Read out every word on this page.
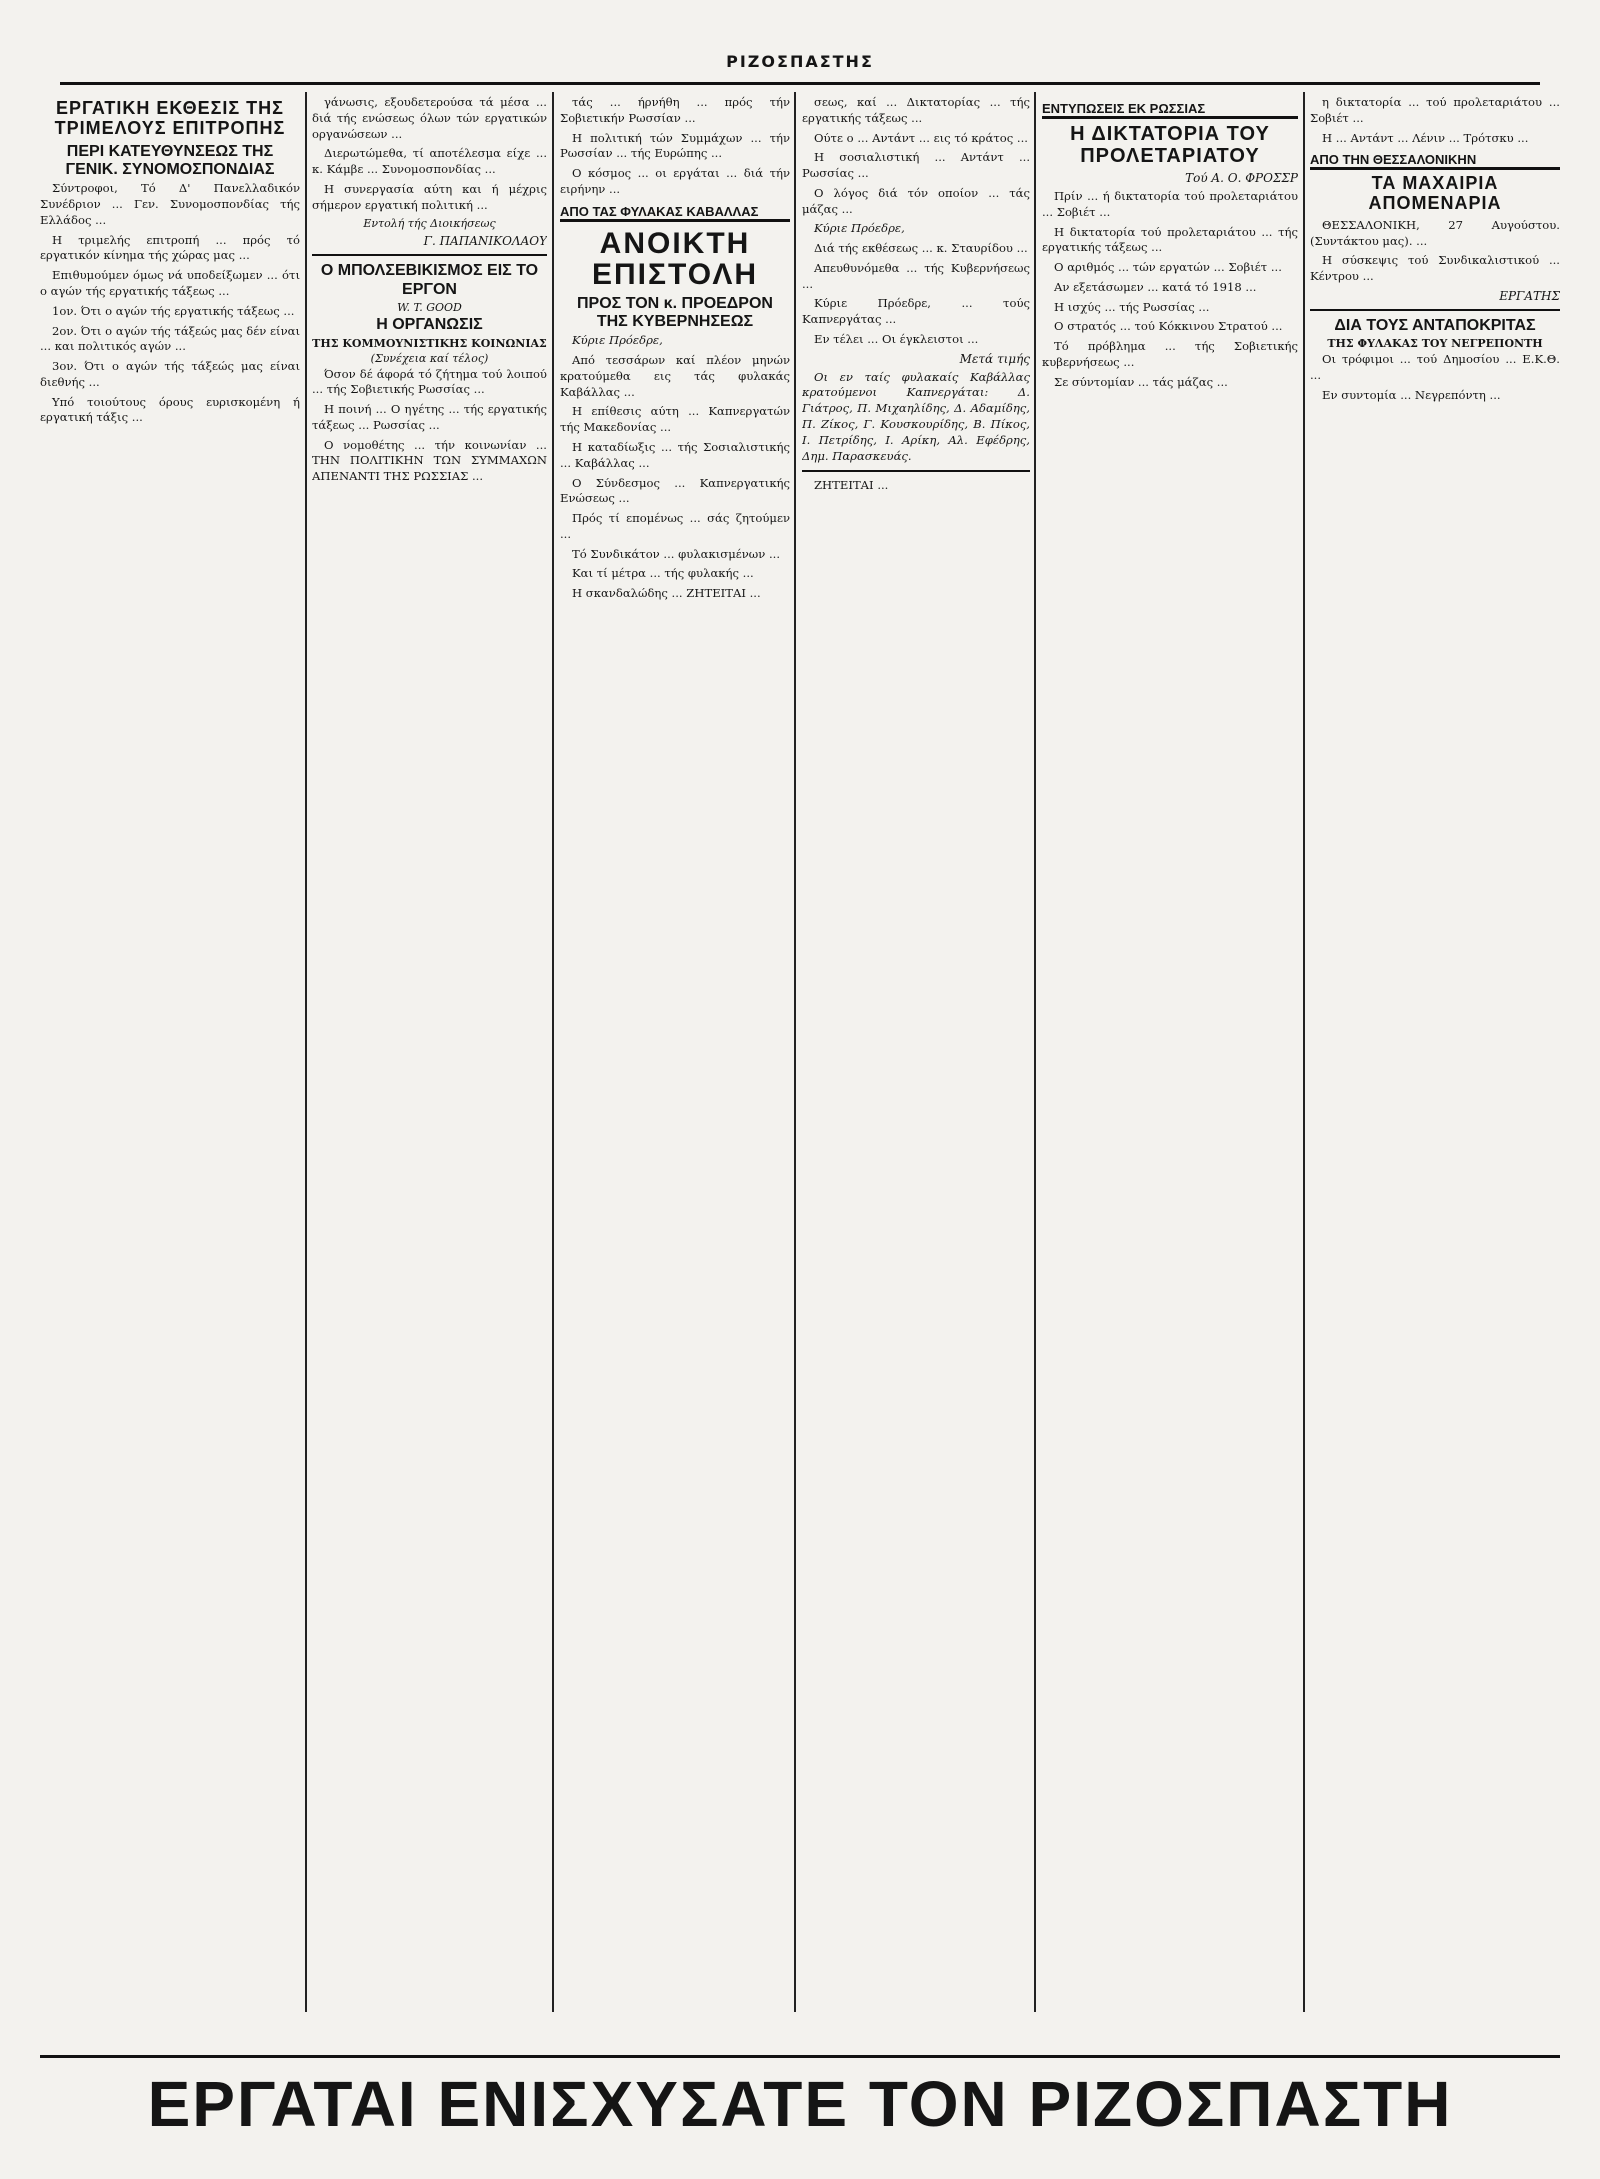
ΡΙΖΟΣΠΑΣΤΗΣ
ΕΡΓΑΤΙΚΗ ΕΚΘΕΣΙΣ ΤΗΣ ΤΡΙΜΕΛΟΥΣ ΕΠΙΤΡΟΠΗΣ
ΠΕΡΙ ΚΑΤΕΥΘΥΝΣΕΩΣ ΤΗΣ ΓΕΝΙΚ. ΣΥΝΟΜΟΣΠΟΝΔΙΑΣ

Σύντροφοι, Τό Δ' Πανελλαδικόν Συνέδριον ... Γεν. Συνομοσπονδίας τής Ελλάδος ...

Η τριμελής επιτροπή ... πρός τό εργατικόν κίνημα τής χώρας μας ...

Επιθυμούμεν όμως νά υποδείξωμεν ... ότι ο αγών τής εργατικής τάξεως ...

1ον. Ότι ο αγών τής εργατικής τάξεως ...

2ον. Ότι ο αγών τής τάξεώς μας δέν είναι ... και πολιτικός αγών ...

3ον. Ότι ο αγών τής τάξεώς μας είναι διεθνής ...

Υπό τοιούτους όρους ευρισκομένη ή εργατική τάξις ...

γάνωσις, εξουδετερούσα τά μέσα ... διά τής ενώσεως όλων τών εργατικών οργανώσεων ...

Διερωτώμεθα, τί αποτέλεσμα είχε ... κ. Κάμβε ... Συνομοσπονδίας ...

Η συνεργασία αύτη και ή μέχρις σήμερον εργατική πολιτική ...

Εντολή τής Διοικήσεως
Γ. ΠΑΠΑΝΙΚΟΛΑΟΥ
Ο ΜΠΟΛΣΕΒΙΚΙΣΜΟΣ ΕΙΣ ΤΟ ΕΡΓΟΝ
W. T. GOOD
Η ΟΡΓΑΝΩΣΙΣ
ΤΗΣ ΚΟΜΜΟΥΝΙΣΤΙΚΗΣ ΚΟΙΝΩΝΙΑΣ
(Συνέχεια καί τέλος)

Όσον δέ άφορά τό ζήτημα τού λοιπού ... τής Σοβιετικής Ρωσσίας ...

Η ποινή ... Ο ηγέτης ... τής εργατικής τάξεως ... Ρωσσίας ...

Ο νομοθέτης ... τήν κοινωνίαν ... ΤΗΝ ΠΟΛΙΤΙΚΗΝ ΤΩΝ ΣΥΜΜΑΧΩΝ ΑΠΕΝΑΝΤΙ ΤΗΣ ΡΩΣΣΙΑΣ ...

τάς ... ήρνήθη ... πρός τήν Σοβιετικήν Ρωσσίαν ...

Η πολιτική τών Συμμάχων ... τήν Ρωσσίαν ... τής Ευρώπης ...

Ο κόσμος ... οι εργάται ... διά τήν ειρήνην ...

ΑΠΟ ΤΑΣ ΦΥΛΑΚΑΣ ΚΑΒΑΛΛΑΣ
ΑΝΟΙΚΤΗ ΕΠΙΣΤΟΛΗ
ΠΡΟΣ ΤΟΝ κ. ΠΡΟΕΔΡΟΝ ΤΗΣ ΚΥΒΕΡΝΗΣΕΩΣ

Κύριε Πρόεδρε,

Από τεσσάρων καί πλέον μηνών κρατούμεθα εις τάς φυλακάς Καβάλλας ...

Η επίθεσις αύτη ... Καπνεργατών τής Μακεδονίας ...

Η καταδίωξις ... τής Σοσιαλιστικής ... Καβάλλας ...

Ο Σύνδεσμος ... Καπνεργατικής Ενώσεως ...

Πρός τί επομένως ... σάς ζητούμεν ...

Τό Συνδικάτον ... φυλακισμένων ...

Και τί μέτρα ... τής φυλακής ...

Η σκανδαλώδης ... ΖΗΤΕΙΤΑΙ ...

σεως, καί ... Δικτατορίας ... τής εργατικής τάξεως ...

Ούτε ο ... Αντάντ ... εις τό κράτος ...

Η σοσιαλιστική ... Αντάντ ... Ρωσσίας ...

Ο λόγος διά τόν οποίον ... τάς μάζας ...

Κύριε Πρόεδρε,

Διά τής εκθέσεως ... κ. Σταυρίδου ...

Απευθυνόμεθα ... τής Κυβερνήσεως ...

Κύριε Πρόεδρε, ... τούς Καπνεργάτας ...

Εν τέλει ... Οι έγκλειστοι ...

Μετά τιμής

Οι εν ταίς φυλακαίς Καβάλλας κρατούμενοι Καπνεργάται: Δ. Γιάτρος, Π. Μιχαηλίδης, Δ. Αδαμίδης, Π. Ζίκος, Γ. Κουσκουρίδης, Β. Πίκος, Ι. Πετρίδης, Ι. Αρίκη, Αλ. Εφέδρης, Δημ. Παρασκευάς.

ΖΗΤΕΙΤΑΙ ...

ΕΝΤΥΠΩΣΕΙΣ ΕΚ ΡΩΣΣΙΑΣ
Η ΔΙΚΤΑΤΟΡΙΑ ΤΟΥ ΠΡΟΛΕΤΑΡΙΑΤΟΥ
Τού Α. Ο. ΦΡΟΣΣΡ

Πρίν ... ή δικτατορία τού προλεταριάτου ... Σοβιέτ ...

Η δικτατορία τού προλεταριάτου ... τής εργατικής τάξεως ...

Ο αριθμός ... τών εργατών ... Σοβιέτ ...

Αν εξετάσωμεν ... κατά τό 1918 ...

Η ισχύς ... τής Ρωσσίας ...

Ο στρατός ... τού Κόκκινου Στρατού ...

Τό πρόβλημα ... τής Σοβιετικής κυβερνήσεως ...

Σε σύντομίαν ... τάς μάζας ...

η δικτατορία ... τού προλεταριάτου ... Σοβιέτ ...

Η ... Αντάντ ... Λένιν ... Τρότσκυ ...

ΑΠΟ ΤΗΝ ΘΕΣΣΑΛΟΝΙΚΗΝ
ΤΑ ΜΑΧΑΙΡΙΑ ΑΠΟΜΕΝΑΡΙΑ

ΘΕΣΣΑΛΟΝΙΚΗ, 27 Αυγούστου. (Συντάκτου μας). ...

Η σύσκεψις τού Συνδικαλιστικού ... Κέντρου ...

ΕΡΓΑΤΗΣ
ΔΙΑ ΤΟΥΣ ΑΝΤΑΠΟΚΡΙΤΑΣ
ΤΗΣ ΦΥΛΑΚΑΣ ΤΟΥ ΝΕΓΡΕΠΟΝΤΗ

Οι τρόφιμοι ... τού Δημοσίου ... Ε.Κ.Θ. ...

Εν συντομία ... Νεγρεπόντη ...

ΕΡΓΑΤΑΙ ΕΝΙΣΧΥΣΑΤΕ ΤΟΝ ΡΙΖΟΣΠΑΣΤΗ
